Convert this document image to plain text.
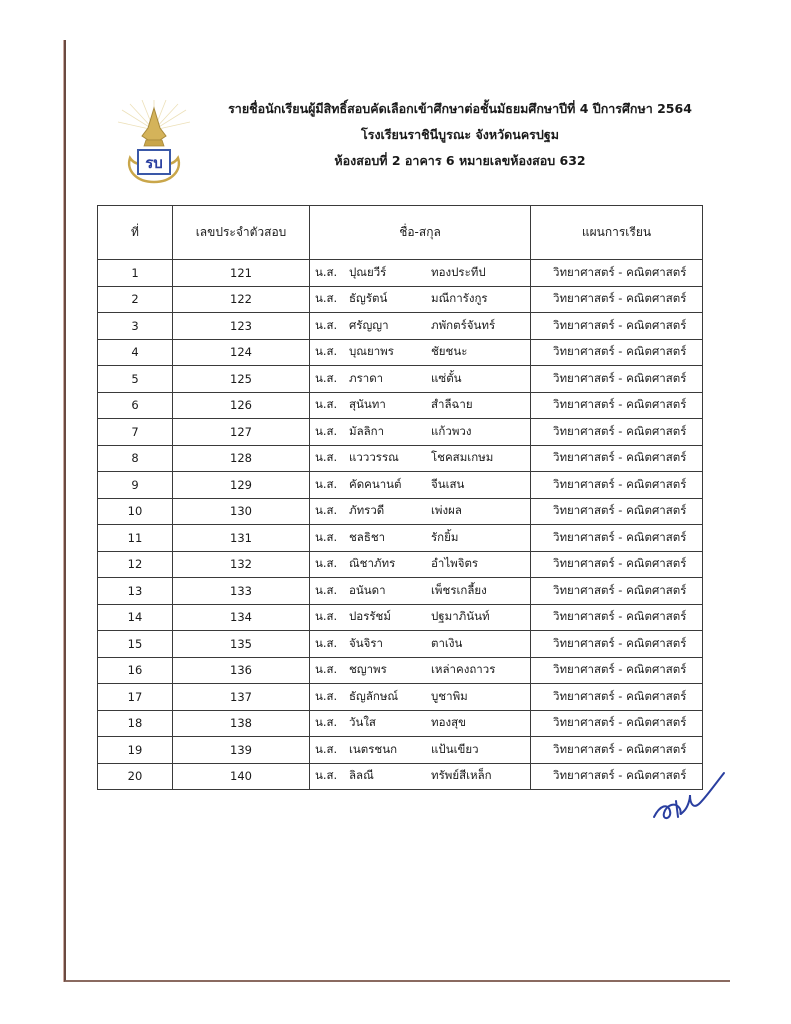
รบ
รายชื่อนักเรียนผู้มีสิทธิ์สอบคัดเลือกเข้าศึกษาต่อชั้นมัธยมศึกษาปีที่ 4 ปีการศึกษา 2564
โรงเรียนราชินีบูรณะ จังหวัดนครปฐม
ห้องสอบที่ 2 อาคาร 6 หมายเลขห้องสอบ 632
ที่	เลขประจำตัวสอบ	ชื่อ-สกุล	แผนการเรียน
1	121	น.ส. ปุณยวีร์ ทองประทีป	วิทยาศาสตร์ - คณิตศาสตร์

2	122	น.ส. ธัญรัตน์ มณีการังกูร	วิทยาศาสตร์ - คณิตศาสตร์

3	123	น.ส. ศรัญญา ภพักตร์จันทร์	วิทยาศาสตร์ - คณิตศาสตร์

4	124	น.ส. บุณยาพร ชัยชนะ	วิทยาศาสตร์ - คณิตศาสตร์

5	125	น.ส. ภราดา แซ่ตั้น	วิทยาศาสตร์ - คณิตศาสตร์

6	126	น.ส. สุนันทา สำลีฉาย	วิทยาศาสตร์ - คณิตศาสตร์

7	127	น.ส. มัลลิกา แก้วพวง	วิทยาศาสตร์ - คณิตศาสตร์

8	128	น.ส. แวววรรณ โชคสมเกษม	วิทยาศาสตร์ - คณิตศาสตร์

9	129	น.ส. คัดคนานต์ จีนเสน	วิทยาศาสตร์ - คณิตศาสตร์

10	130	น.ส. ภัทรวดี เพ่งผล	วิทยาศาสตร์ - คณิตศาสตร์

11	131	น.ส. ชลธิชา รักยิ้ม	วิทยาศาสตร์ - คณิตศาสตร์

12	132	น.ส. ณิชาภัทร อำไพจิตร	วิทยาศาสตร์ - คณิตศาสตร์

13	133	น.ส. อนันดา เพ็ชรเกลี้ยง	วิทยาศาสตร์ - คณิตศาสตร์

14	134	น.ส. ปอรรัชม์ ปฐมาภินันท์	วิทยาศาสตร์ - คณิตศาสตร์

15	135	น.ส. จันจิรา ตาเงิน	วิทยาศาสตร์ - คณิตศาสตร์

16	136	น.ส. ชญาพร เหล่าคงถาวร	วิทยาศาสตร์ - คณิตศาสตร์

17	137	น.ส. ธัญลักษณ์ บูชาพิม	วิทยาศาสตร์ - คณิตศาสตร์

18	138	น.ส. วันใส ทองสุข	วิทยาศาสตร์ - คณิตศาสตร์

19	139	น.ส. เนตรชนก แป้นเขียว	วิทยาศาสตร์ - คณิตศาสตร์

20	140	น.ส. ลิลณี ทรัพย์สีเหล็ก	วิทยาศาสตร์ - คณิตศาสตร์
